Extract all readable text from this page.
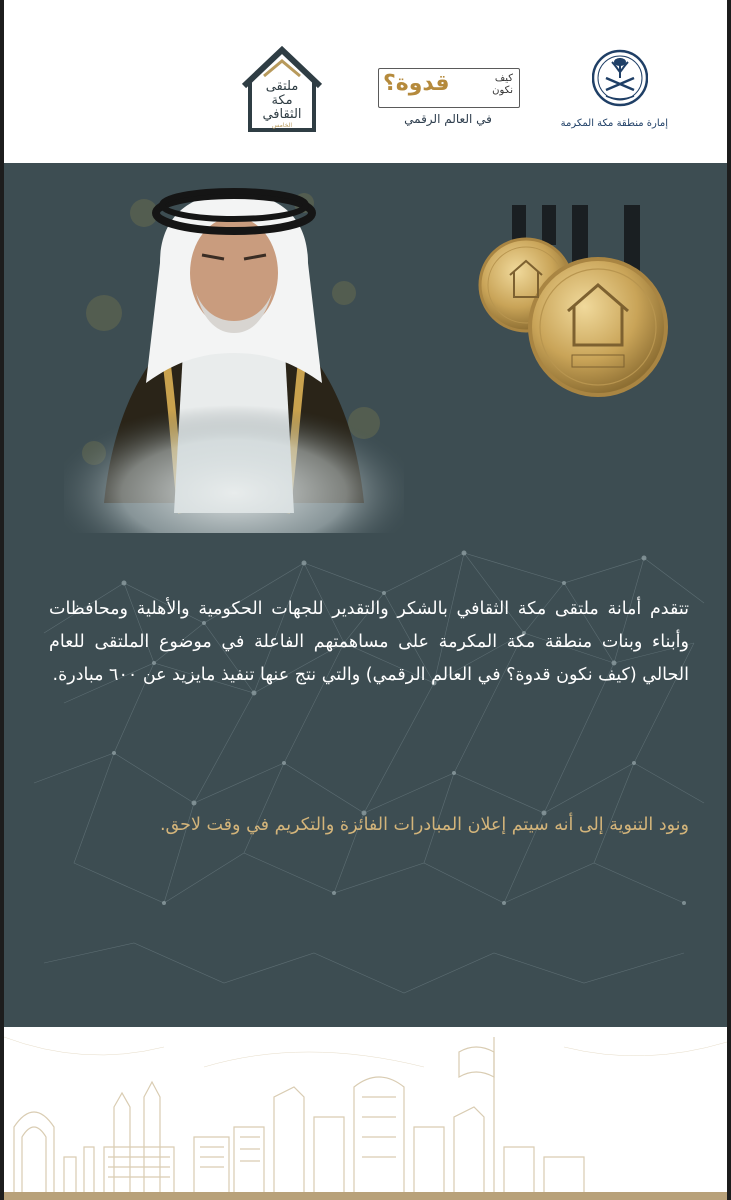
ملتقى
مكة
الثقافي
الخامس
قدوة؟	كيف نكون
في العالم الرقمي	إمارة منطقة مكة المكرمة

تتقدم أمانة ملتقى مكة الثقافي بالشكر والتقدير للجهات الحكومية والأهلية ومحافظات وأبناء وبنات منطقة مكة المكرمة على مساهمتهم الفاعلة في موضوع الملتقى للعام الحالي (كيف نكون قدوة؟ في العالم الرقمي) والتي نتج عنها تنفيذ مايزيد عن ٦٠٠ مبادرة.

ونود التنوية إلى أنه سيتم إعلان المبادرات الفائزة والتكريم في وقت لاحق.
